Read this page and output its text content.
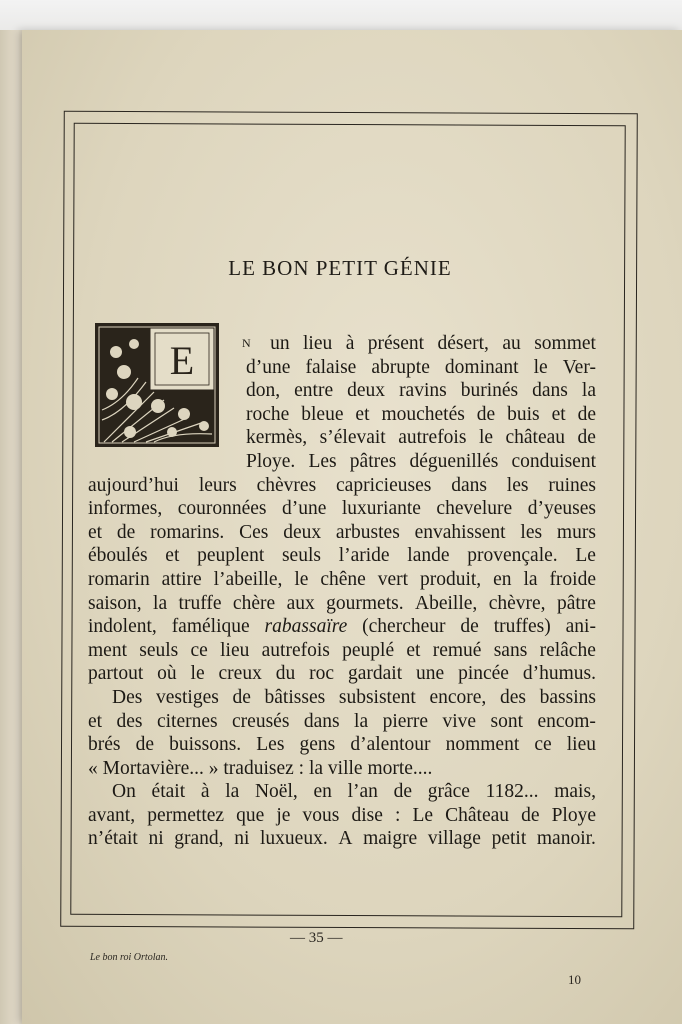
LE BON PETIT GÉNIE
E	N un lieu à présent désert, au sommet
d’une falaise abrupte dominant le Ver-
don, entre deux ravins burinés dans la
roche bleue et mouchetés de buis et de
kermès, s’élevait autrefois le château de
Ploye. Les pâtres déguenillés conduisent
aujourd’hui leurs chèvres capricieuses dans les ruines
informes, couronnées d’une luxuriante chevelure d’yeuses
et de romarins. Ces deux arbustes envahissent les murs
éboulés et peuplent seuls l’aride lande provençale. Le
romarin attire l’abeille, le chêne vert produit, en la froide
saison, la truffe chère aux gourmets. Abeille, chèvre, pâtre
indolent, famélique rabassaïre (chercheur de truffes) ani-
ment seuls ce lieu autrefois peuplé et remué sans relâche
partout où le creux du roc gardait une pincée d’humus.
Des vestiges de bâtisses subsistent encore, des bassins
et des citernes creusés dans la pierre vive sont encom-
brés de buissons. Les gens d’alentour nomment ce lieu
«
Mortavière...
»
traduisez
:
la
ville
morte....

On était à la Noël, en l’an de grâce 1182... mais,
avant, permettez que je vous dise : Le Château de Ploye
n’était ni grand, ni luxueux. A maigre village petit manoir.
— 35 —
Le bon roi Ortolan.
10
